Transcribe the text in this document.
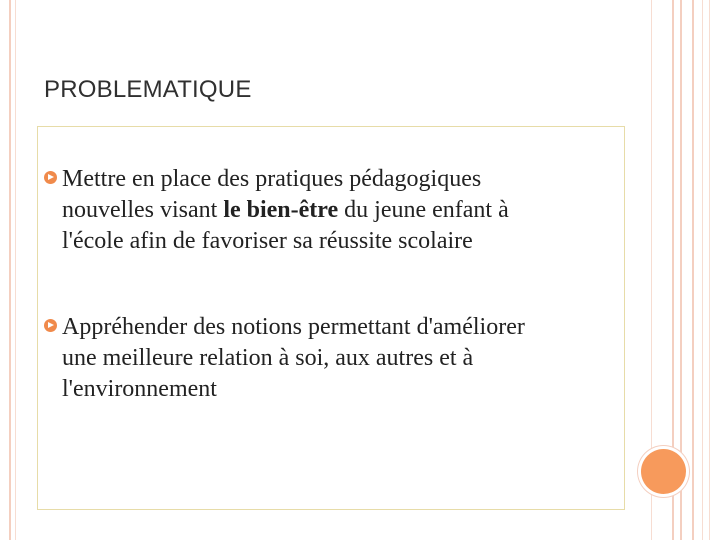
PROBLEMATIQUE
Mettre en place des pratiques pédagogiques
nouvelles visant le bien-être du jeune enfant à
l'école afin de favoriser sa réussite scolaire
Appréhender des notions permettant d'améliorer
une meilleure relation à soi, aux autres et à
l'environnement
